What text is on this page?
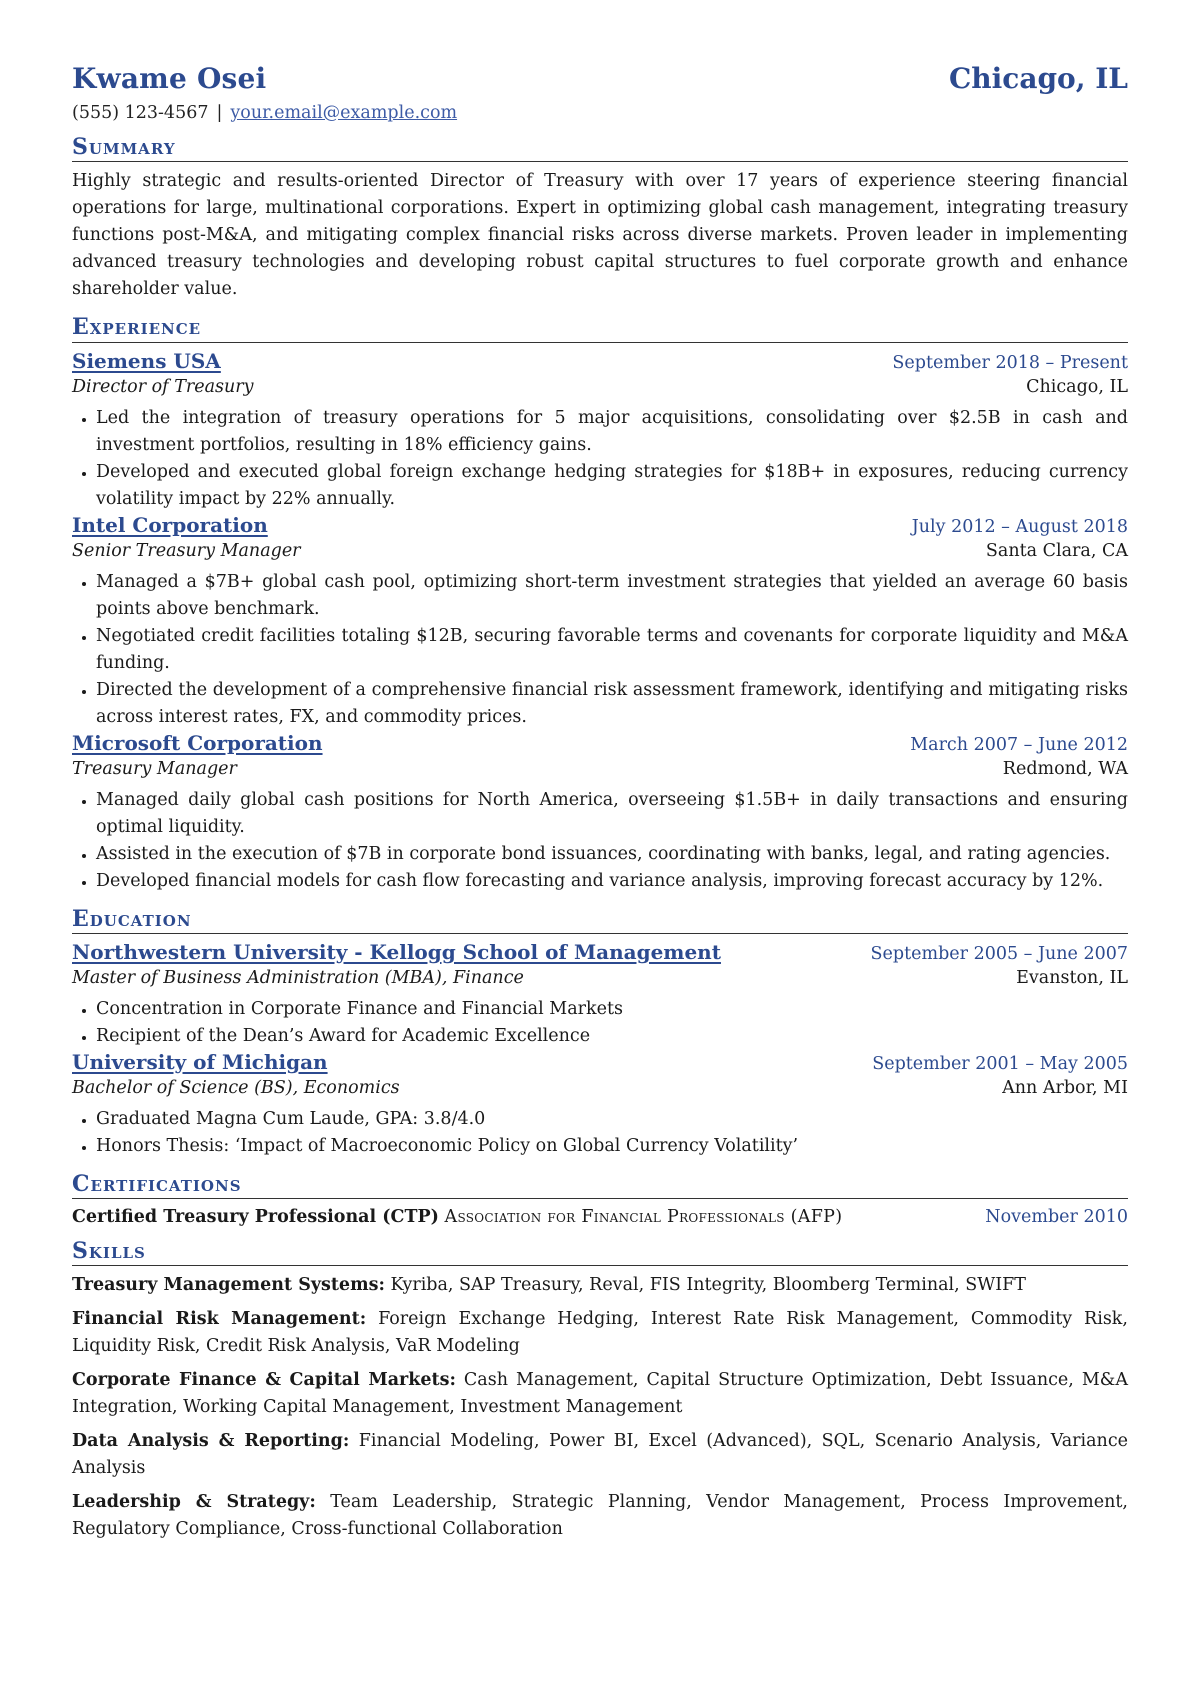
Kwame Osei	Chicago, IL
(555) 123-4567 | your.email@example.com
Summary
Highly strategic and results-oriented Director of Treasury with over 17 years of experience steering financial operations for large, multinational corporations. Expert in optimizing global cash management, integrating treasury functions post-M&A, and mitigating complex financial risks across diverse markets. Proven leader in implementing advanced treasury technologies and developing robust capital structures to fuel corporate growth and enhance shareholder value.
Experience
Siemens USA	September 2018 – Present
Director of Treasury	Chicago, IL
• Led the integration of treasury operations for 5 major acquisitions, consolidating over $2.5B in cash and investment portfolios, resulting in 18% efficiency gains.
• Developed and executed global foreign exchange hedging strategies for $18B+ in exposures, reducing currency volatility impact by 22% annually.
Intel Corporation	July 2012 – August 2018
Senior Treasury Manager	Santa Clara, CA
• Managed a $7B+ global cash pool, optimizing short-term investment strategies that yielded an average 60 basis points above benchmark.
• Negotiated credit facilities totaling $12B, securing favorable terms and covenants for corporate liquidity and M&A funding.
• Directed the development of a comprehensive financial risk assessment framework, identifying and mitigating risks across interest rates, FX, and commodity prices.
Microsoft Corporation	March 2007 – June 2012
Treasury Manager	Redmond, WA
• Managed daily global cash positions for North America, overseeing $1.5B+ in daily transactions and ensuring optimal liquidity.
• Assisted in the execution of $7B in corporate bond issuances, coordinating with banks, legal, and rating agencies.
• Developed financial models for cash flow forecasting and variance analysis, improving forecast accuracy by 12%.
Education
Northwestern University - Kellogg School of Management	September 2005 – June 2007
Master of Business Administration (MBA), Finance	Evanston, IL
• Concentration in Corporate Finance and Financial Markets
• Recipient of the Dean’s Award for Academic Excellence
University of Michigan	September 2001 – May 2005
Bachelor of Science (BS), Economics	Ann Arbor, MI
• Graduated Magna Cum Laude, GPA: 3.8/4.0
• Honors Thesis: ‘Impact of Macroeconomic Policy on Global Currency Volatility’
Certifications
Certified Treasury Professional (CTP) Association for Financial Professionals (AFP)	November 2010
Skills
Treasury Management Systems: Kyriba, SAP Treasury, Reval, FIS Integrity, Bloomberg Terminal, SWIFT
Financial Risk Management: Foreign Exchange Hedging, Interest Rate Risk Management, Commodity Risk, Liquidity Risk, Credit Risk Analysis, VaR Modeling
Corporate Finance & Capital Markets: Cash Management, Capital Structure Optimization, Debt Issuance, M&A Integration, Working Capital Management, Investment Management
Data Analysis & Reporting: Financial Modeling, Power BI, Excel (Advanced), SQL, Scenario Analysis, Variance Analysis
Leadership & Strategy: Team Leadership, Strategic Planning, Vendor Management, Process Improvement, Regulatory Compliance, Cross-functional Collaboration
